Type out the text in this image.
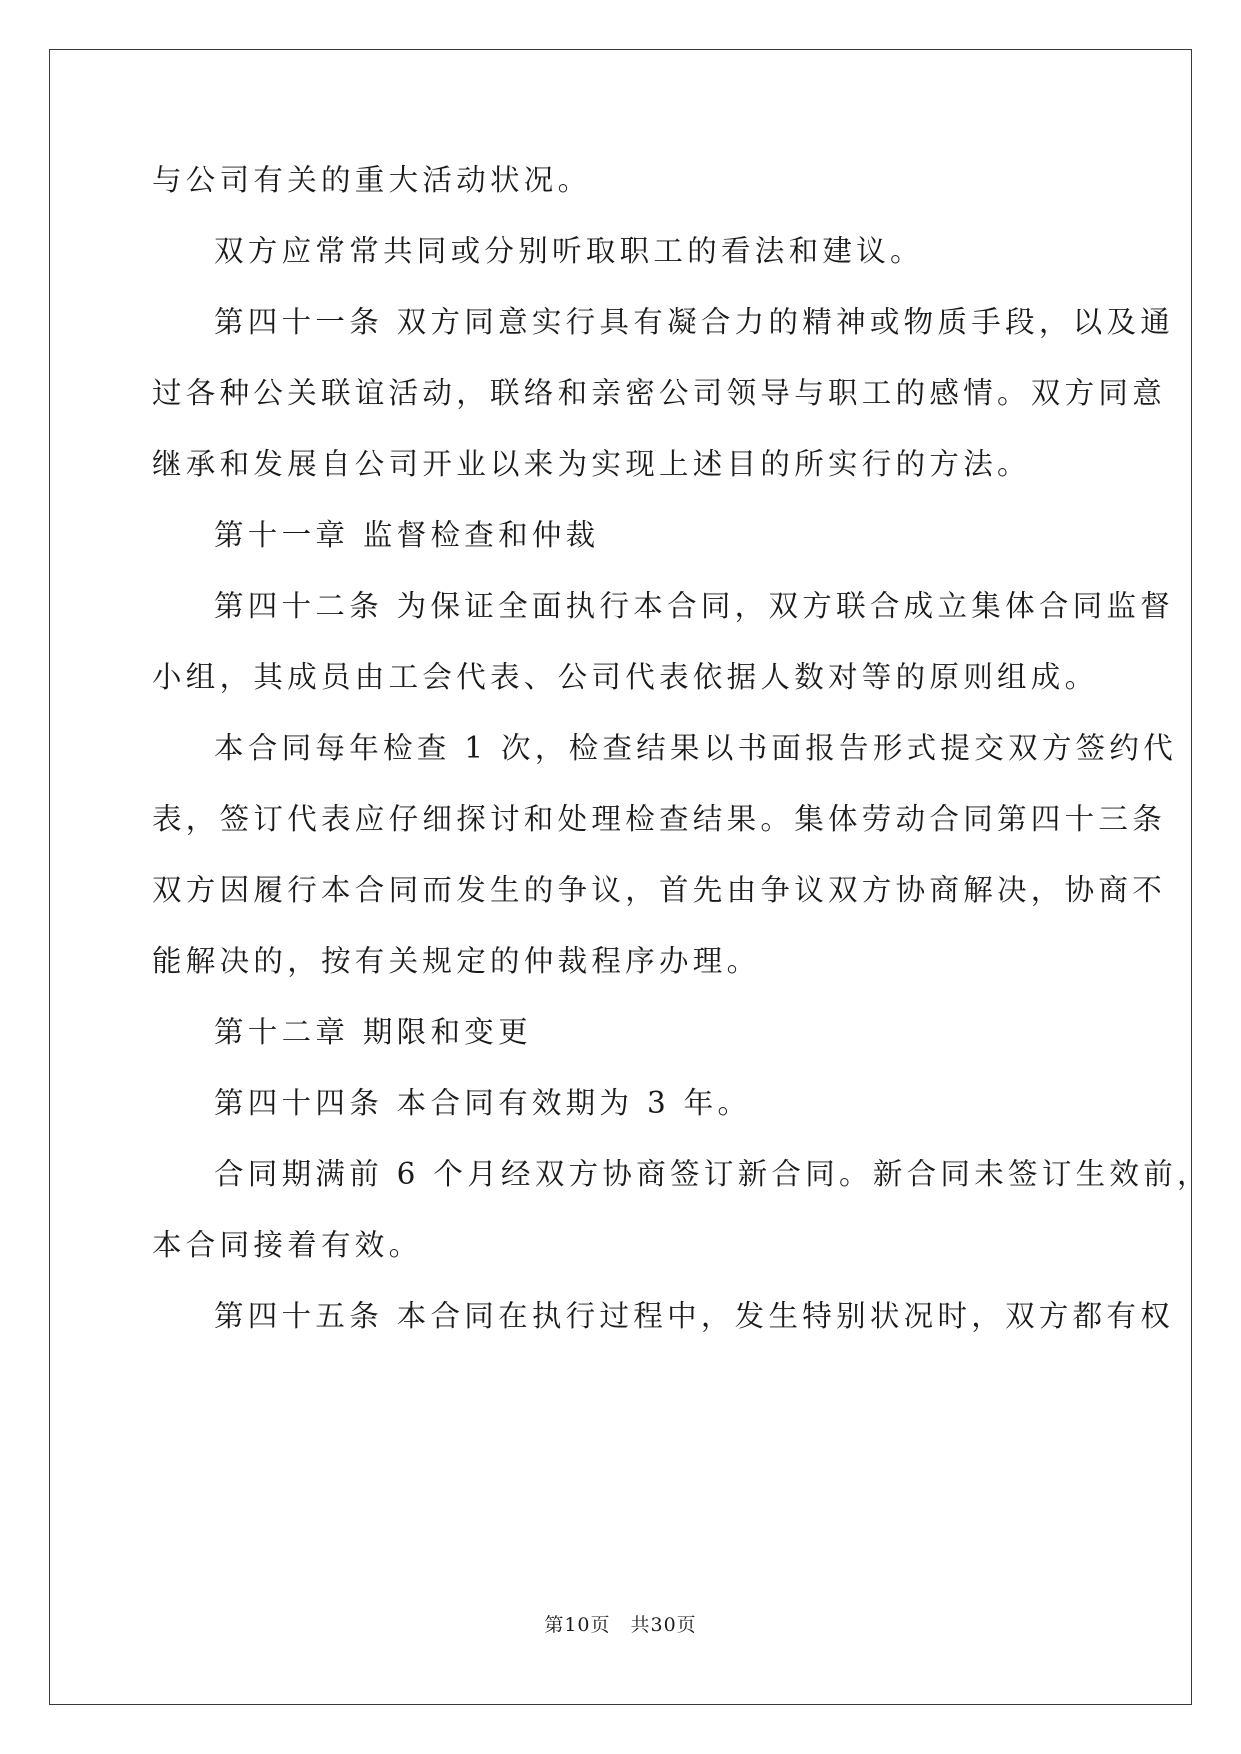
与公司有关的重大活动状况。
双方应常常共同或分别听取职工的看法和建议。
第四十一条 双方同意实行具有凝合力的精神或物质手段，以及通
过各种公关联谊活动，联络和亲密公司领导与职工的感情。双方同意
继承和发展自公司开业以来为实现上述目的所实行的方法。
第十一章 监督检查和仲裁
第四十二条 为保证全面执行本合同，双方联合成立集体合同监督
小组，其成员由工会代表、公司代表依据人数对等的原则组成。
本合同每年检查 1 次，检查结果以书面报告形式提交双方签约代
表，签订代表应仔细探讨和处理检查结果。集体劳动合同第四十三条
双方因履行本合同而发生的争议，首先由争议双方协商解决，协商不
能解决的，按有关规定的仲裁程序办理。
第十二章 期限和变更
第四十四条 本合同有效期为 3 年。
合同期满前 6 个月经双方协商签订新合同。新合同未签订生效前，
本合同接着有效。
第四十五条 本合同在执行过程中，发生特别状况时，双方都有权
第10页　共30页
